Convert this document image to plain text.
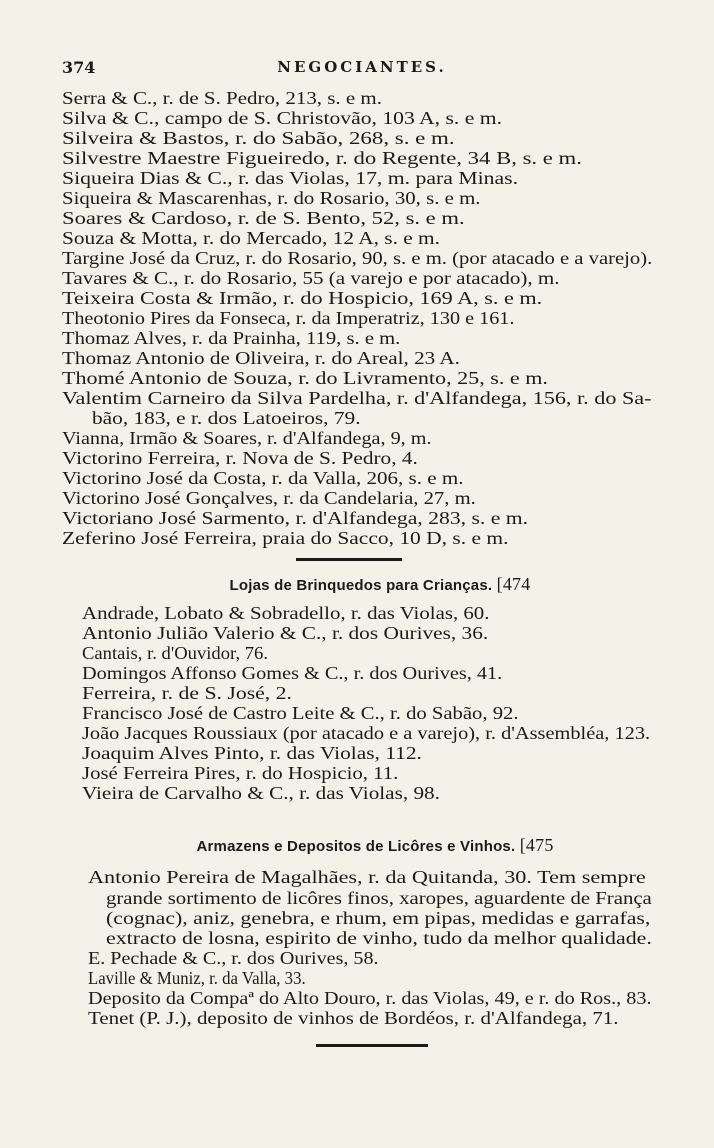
374	NEGOCIANTES.
Serra & C., r. de S. Pedro, 213, s. e m.
Silva & C., campo de S. Christovão, 103 A, s. e m.
Silveira & Bastos, r. do Sabão, 268, s. e m.
Silvestre Maestre Figueiredo, r. do Regente, 34 B, s. e m.
Siqueira Dias & C., r. das Violas, 17, m. para Minas.
Siqueira & Mascarenhas, r. do Rosario, 30, s. e m.
Soares & Cardoso, r. de S. Bento, 52, s. e m.
Souza & Motta, r. do Mercado, 12 A, s. e m.
Targine José da Cruz, r. do Rosario, 90, s. e m. (por atacado e a varejo).
Tavares & C., r. do Rosario, 55 (a varejo e por atacado), m.
Teixeira Costa & Irmão, r. do Hospicio, 169 A, s. e m.
Theotonio Pires da Fonseca, r. da Imperatriz, 130 e 161.
Thomaz Alves, r. da Prainha, 119, s. e m.
Thomaz Antonio de Oliveira, r. do Areal, 23 A.
Thomé Antonio de Souza, r. do Livramento, 25, s. e m.
Valentim Carneiro da Silva Pardelha, r. d'Alfandega, 156, r. do Sa-
bão, 183, e r. dos Latoeiros, 79.
Vianna, Irmão & Soares, r. d'Alfandega, 9, m.
Victorino Ferreira, r. Nova de S. Pedro, 4.
Victorino José da Costa, r. da Valla, 206, s. e m.
Victorino José Gonçalves, r. da Candelaria, 27, m.
Victoriano José Sarmento, r. d'Alfandega, 283, s. e m.
Zeferino José Ferreira, praia do Sacco, 10 D, s. e m.
Lojas de Brinquedos para Crianças. [474
Andrade, Lobato & Sobradello, r. das Violas, 60.
Antonio Julião Valerio & C., r. dos Ourives, 36.
Cantais, r. d'Ouvidor, 76.
Domingos Affonso Gomes & C., r. dos Ourives, 41.
Ferreira, r. de S. José, 2.
Francisco José de Castro Leite & C., r. do Sabão, 92.
João Jacques Roussiaux (por atacado e a varejo), r. d'Assembléa, 123.
Joaquim Alves Pinto, r. das Violas, 112.
José Ferreira Pires, r. do Hospicio, 11.
Vieira de Carvalho & C., r. das Violas, 98.
Armazens e Depositos de Licôres e Vinhos. [475
Antonio Pereira de Magalhães, r. da Quitanda, 30. Tem sempre
grande sortimento de licôres finos, xaropes, aguardente de França
(cognac), aniz, genebra, e rhum, em pipas, medidas e garrafas,
extracto de losna, espirito de vinho, tudo da melhor qualidade.
E. Pechade & C., r. dos Ourives, 58.
Laville & Muniz, r. da Valla, 33.
Deposito da Compaª do Alto Douro, r. das Violas, 49, e r. do Ros., 83.
Tenet (P. J.), deposito de vinhos de Bordéos, r. d'Alfandega, 71.
